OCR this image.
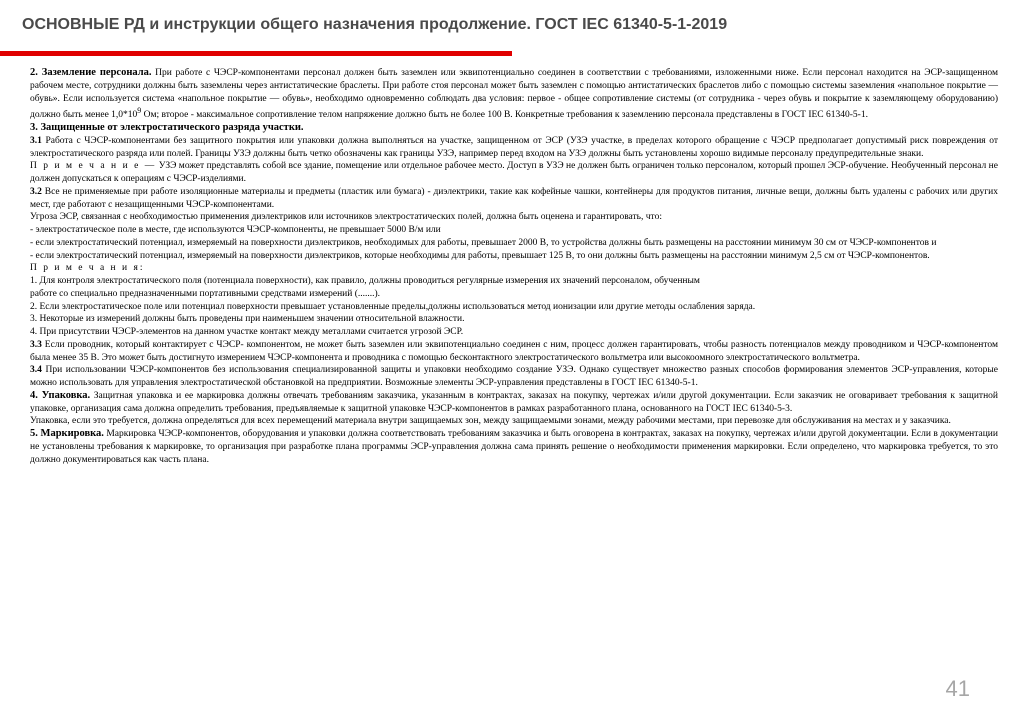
ОСНОВНЫЕ РД и инструкции общего назначения продолжение. ГОСТ IEC 61340-5-1-2019

2. Заземление персонала. При работе с ЧЭСР-компонентами персонал должен быть заземлен или эквипотенциально соединен в соответствии с требованиями, изложенными ниже. Если персонал находится на ЭСР-защищенном рабочем месте, сотрудники должны быть заземлены через антистатические браслеты. При работе стоя персонал может быть заземлен с помощью антистатических браслетов либо с помощью системы заземления «напольное покрытие — обувь». Если используется система «напольное покрытие — обувь», необходимо одновременно соблюдать два условия: первое - общее сопротивление системы (от сотрудника - через обувь и покрытие к заземляющему оборудованию) должно быть менее $1,0*10^9$ Ом; второе - максимальное сопротивление телом напряжение должно быть не более 100 В. Конкретные требования к заземлению персонала представлены в ГОСТ IEC 61340-5-1.

3. Защищенные от электростатического разряда участки.

3.1 Работа с ЧЭСР-компонентами без защитного покрытия или упаковки должна выполняться на участке, защищенном от ЭСР (УЗЭ участке, в пределах которого обращение с ЧЭСР предполагает допустимый риск повреждения от электростатического разряда или полей. Границы УЗЭ должны быть четко обозначены как границы УЗЭ, например перед входом на УЗЭ должны быть установлены хорошо видимые персоналу предупредительные знаки.

П р и м е ч а н и е — УЗЭ может представлять собой все здание, помещение или отдельное рабочее место. Доступ в УЗЭ не должен быть ограничен только персоналом, который прошел ЭСР-обучение. Необученный персонал не должен допускаться к операциям с ЧЭСР-изделиями.

3.2 Все не применяемые при работе изоляционные материалы и предметы (пластик или бумага) - диэлектрики, такие как кофейные чашки, контейнеры для продуктов питания, личные вещи, должны быть удалены с рабочих или других мест, где работают с незащищенными ЧЭСР-компонентами.

Угроза ЭСР, связанная с необходимостью применения диэлектриков или источников электростатических полей, должна быть оценена и гарантировать, что:

- электростатическое поле в месте, где используются ЧЭСР-компоненты, не превышает 5000 В/м или

- если электростатический потенциал, измеряемый на поверхности диэлектриков, необходимых для работы, превышает 2000 В, то устройства должны быть размещены на расстоянии минимум 30 см от ЧЭСР-компонентов и

- если электростатический потенциал, измеряемый на поверхности диэлектриков, которые необходимы для работы, превышает 125 В, то они должны быть размещены на расстоянии минимум 2,5 см от ЧЭСР-компонентов.

П р и м е ч а н и я:

1. Для контроля электростатического поля (потенциала поверхности), как правило, должны проводиться регулярные измерения их значений персоналом, обученным

работе со специально предназначенными портативными средствами измерений (.......).

2. Если электростатическое поле или потенциал поверхности превышает установленные пределы,должны использоваться метод ионизации или другие методы ослабления заряда.

3. Некоторые из измерений должны быть проведены при наименьшем значении относительной влажности.

4. При присутствии ЧЭСР-элементов на данном участке контакт между металлами считается угрозой ЭСР.

3.3 Если проводник, который контактирует с ЧЭСР- компонентом, не может быть заземлен или эквипотенциально соединен с ним, процесс должен гарантировать, чтобы разность потенциалов между проводником и ЧЭСР-компонентом была менее 35 В. Это может быть достигнуто измерением ЧЭСР-компонента и проводника с помощью бесконтактного электростатического вольтметра или высокоомного электростатического вольтметра.

3.4 При использовании ЧЭСР-компонентов без использования специализированной защиты и упаковки необходимо создание УЗЭ. Однако существует множество разных способов формирования элементов ЭСР-управления, которые можно использовать для управления электростатической обстановкой на предприятии. Возможные элементы ЭСР-управления представлены в ГОСТ IEC 61340-5-1.

4. Упаковка. Защитная упаковка и ее маркировка должны отвечать требованиям заказчика, указанным в контрактах, заказах на покупку, чертежах и/или другой документации. Если заказчик не оговаривает требования к защитной упаковке, организация сама должна определить требования, предъявляемые к защитной упаковке ЧЭСР-компонентов в рамках разработанного плана, основанного на ГОСТ IEC 61340-5-3.

Упаковка, если это требуется, должна определяться для всех перемещений материала внутри защищаемых зон, между защищаемыми зонами, между рабочими местами, при перевозке для обслуживания на местах и у заказчика.

5. Маркировка. Маркировка ЧЭСР-компонентов, оборудования и упаковки должна соответствовать требованиям заказчика и быть оговорена в контрактах, заказах на покупку, чертежах и/или другой документации. Если в документации не установлены требования к маркировке, то организация при разработке плана программы ЭСР-управления должна сама принять решение о необходимости применения маркировки. Если определено, что маркировка требуется, то это должно документироваться как часть плана.

41
